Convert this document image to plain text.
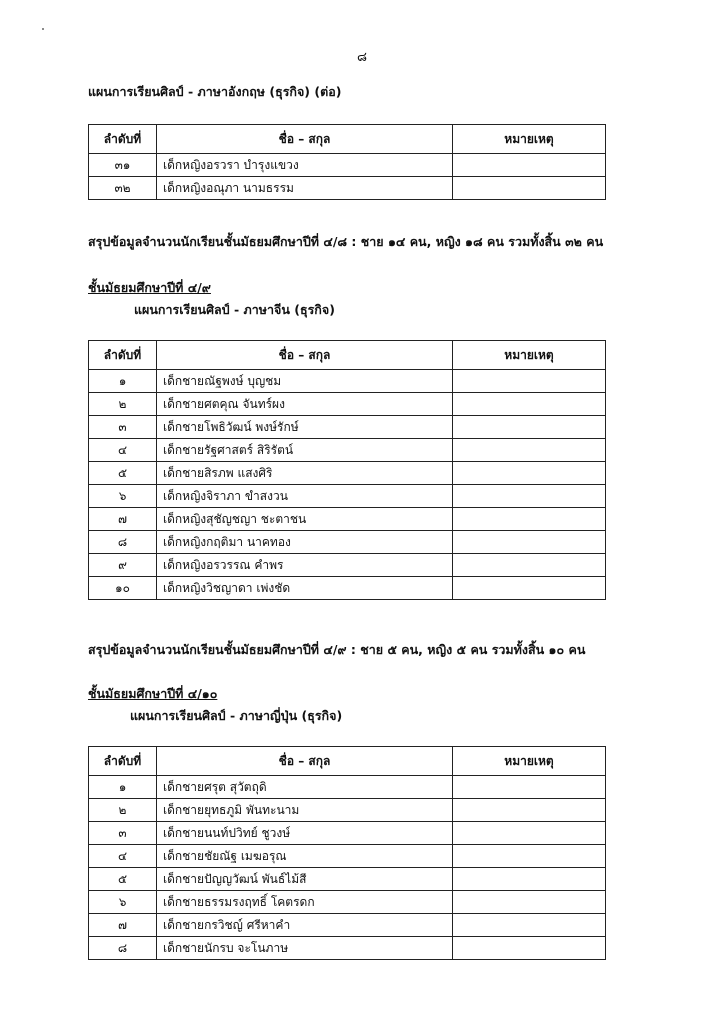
๘
แผนการเรียนศิลป์ - ภาษาอังกฤษ (ธุรกิจ) (ต่อ)
ลำดับที่	ชื่อ – สกุล	หมายเหตุ
๓๑	เด็กหญิงอรวรา บำรุงแขวง	
๓๒	เด็กหญิงอณุภา นามธรรม	
สรุปข้อมูลจำนวนนักเรียนชั้นมัธยมศึกษาปีที่ ๔/๘ : ชาย ๑๔ คน, หญิง ๑๘ คน รวมทั้งสิ้น ๓๒ คน
ชั้นมัธยมศึกษาปีที่ ๔/๙
แผนการเรียนศิลป์ - ภาษาจีน (ธุรกิจ)
ลำดับที่	ชื่อ – สกุล	หมายเหตุ
๑	เด็กชายณัฐพงษ์ บุญชม	
๒	เด็กชายศตคุณ จันทร์ผง	
๓	เด็กชายโพธิวัฒน์ พงษ์รักษ์	
๔	เด็กชายรัฐศาสตร์ สิริรัตน์	
๕	เด็กชายสิรภพ แสงศิริ	
๖	เด็กหญิงจิราภา ขำสงวน	
๗	เด็กหญิงสุชัญชญา ชะตาชน	
๘	เด็กหญิงกฤติมา นาคทอง	
๙	เด็กหญิงอรวรรณ คำพร	
๑๐	เด็กหญิงวิชญาดา เพ่งชัด	
สรุปข้อมูลจำนวนนักเรียนชั้นมัธยมศึกษาปีที่ ๔/๙ : ชาย ๕ คน, หญิง ๕ คน รวมทั้งสิ้น ๑๐ คน
ชั้นมัธยมศึกษาปีที่ ๔/๑๐
แผนการเรียนศิลป์ - ภาษาญี่ปุ่น (ธุรกิจ)
ลำดับที่	ชื่อ – สกุล	หมายเหตุ
๑	เด็กชายศรุต สุวัตถุดิ	
๒	เด็กชายยุทธภูมิ พันทะนาม	
๓	เด็กชายนนท์ปวิทย์ ชูวงษ์	
๔	เด็กชายชัยณัฐ เมฆอรุณ	
๕	เด็กชายปัญญวัฒน์ พันธ์ไม้สี	
๖	เด็กชายธรรมรงฤทธิ์ โคตรดก	
๗	เด็กชายกรวิชญ์ ศรีหาคำ	
๘	เด็กชายนักรบ จะโนภาษ	
